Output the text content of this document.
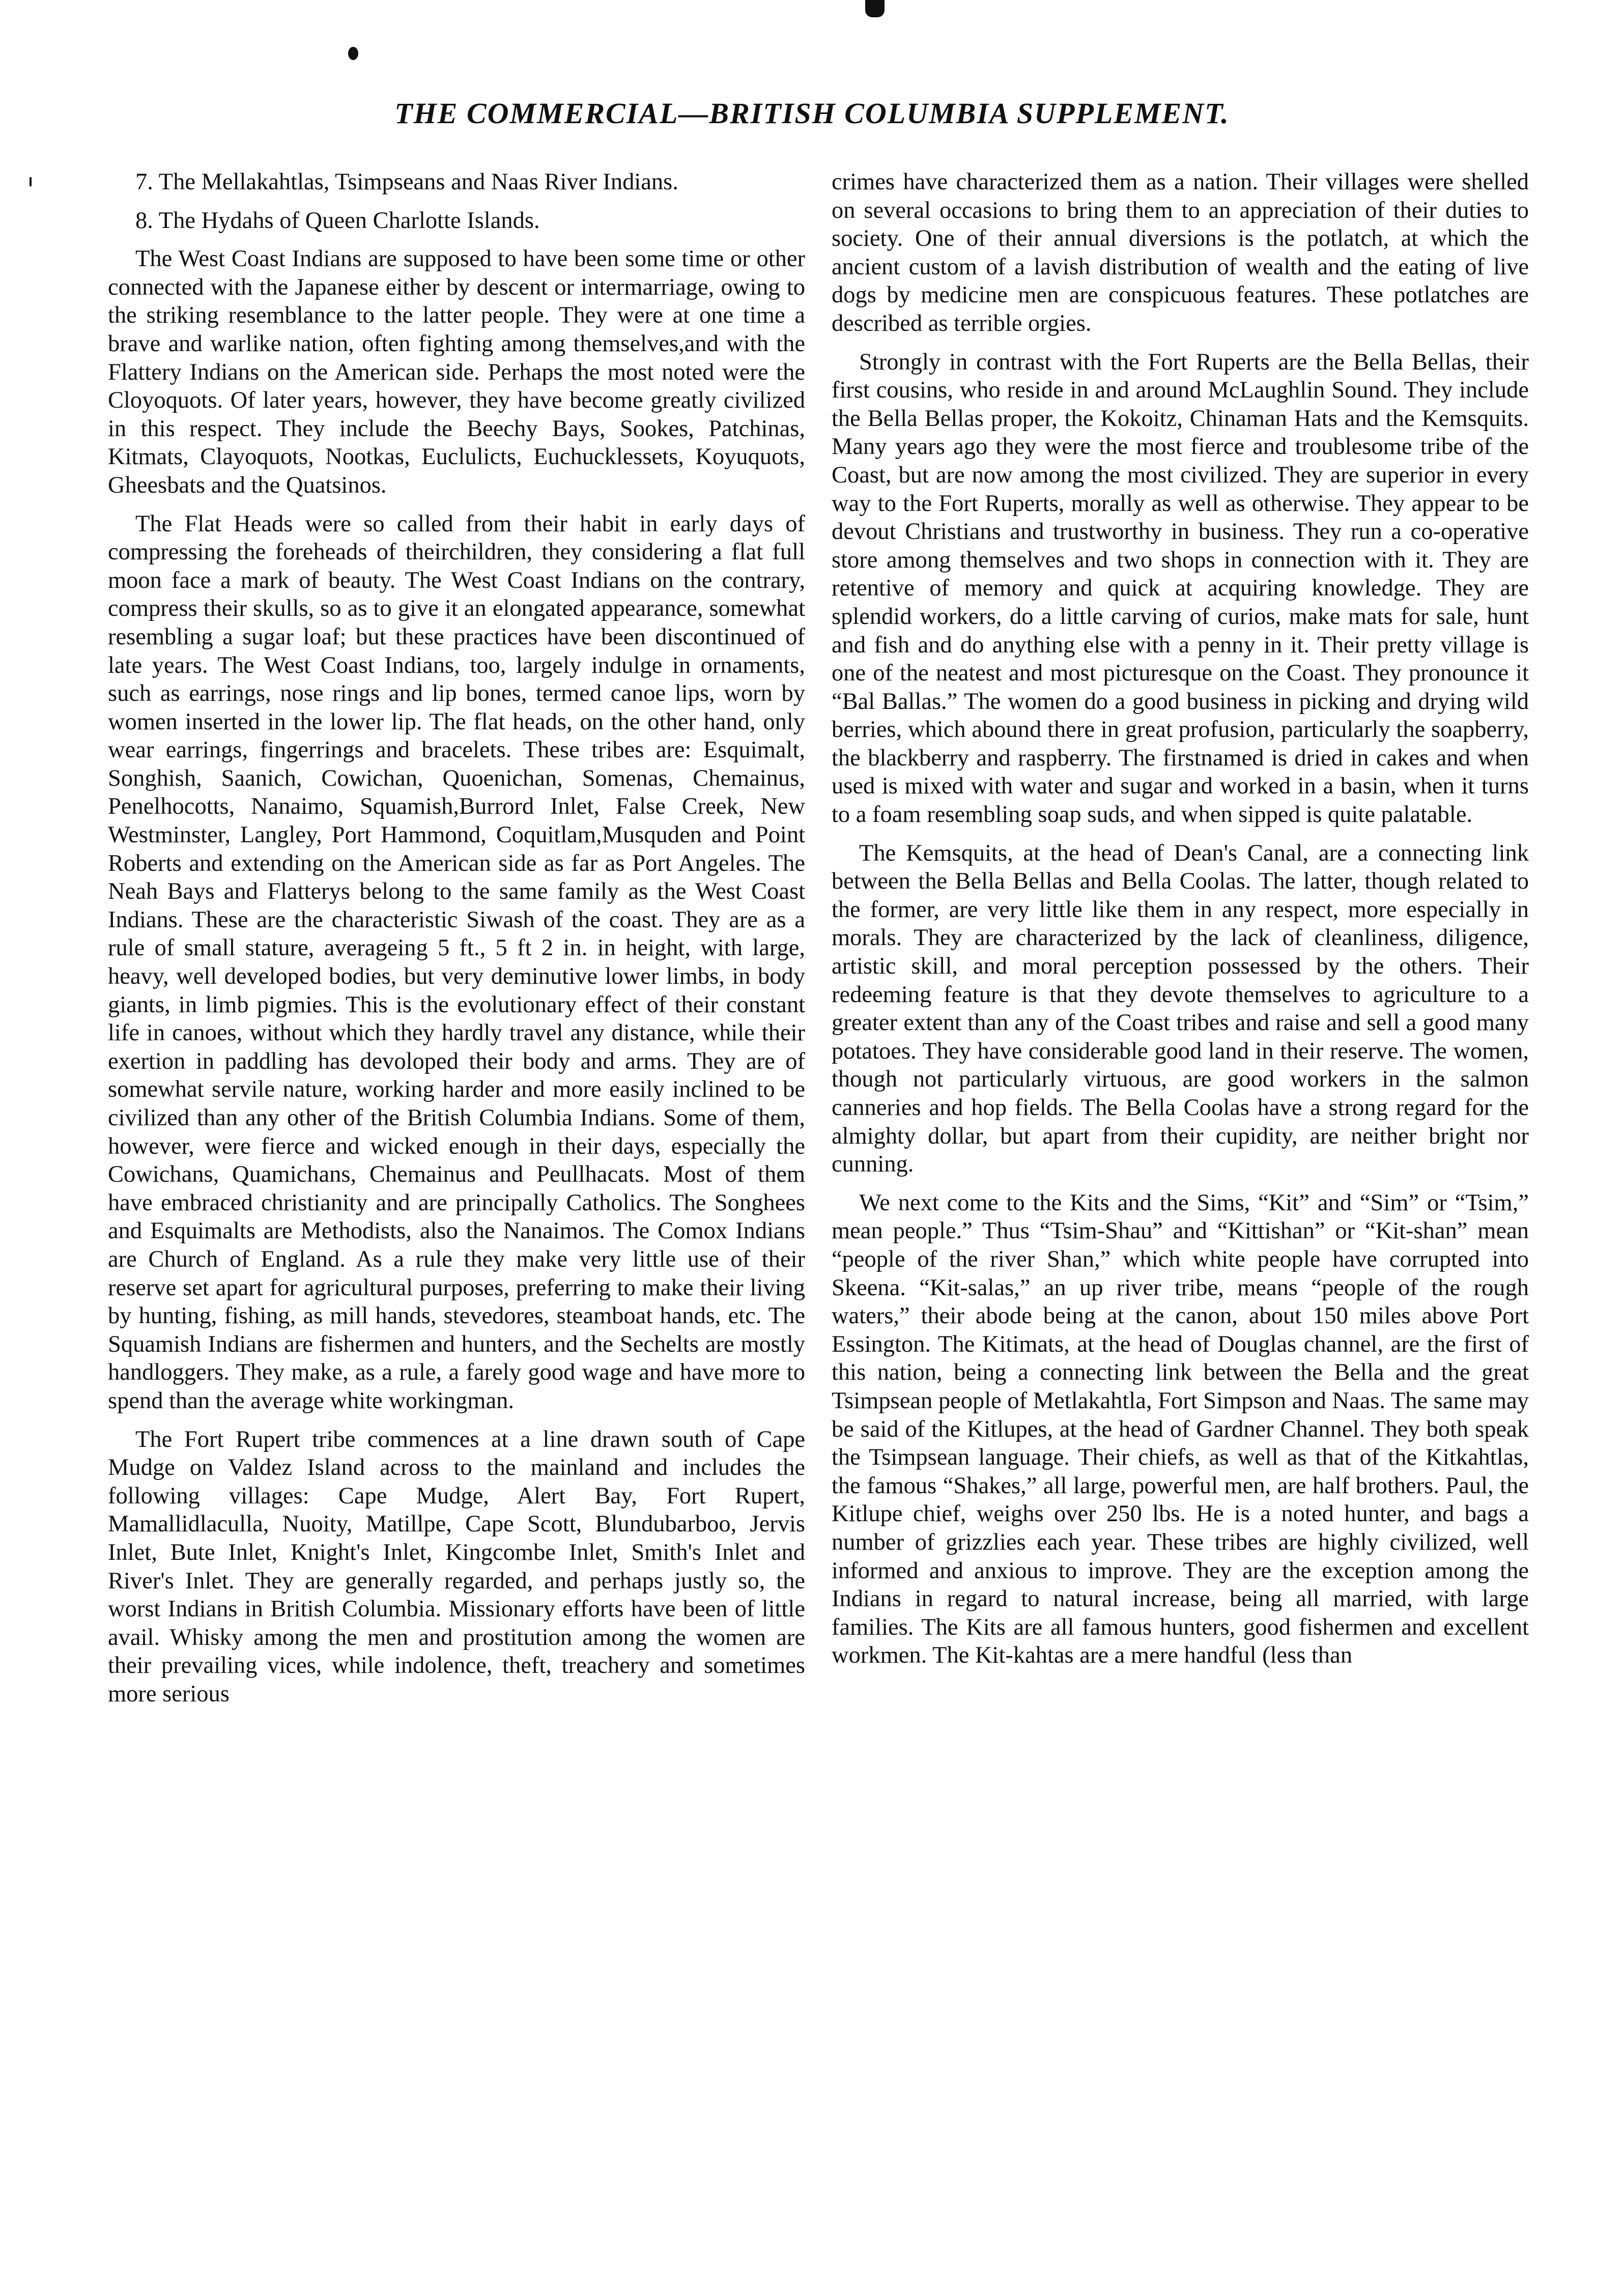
THE COMMERCIAL—BRITISH COLUMBIA SUPPLEMENT.

7. The Mellakahtlas, Tsimpseans and Naas River Indians.

8. The Hydahs of Queen Charlotte Islands.

The West Coast Indians are supposed to have been some time or other connected with the Japanese either by descent or intermarriage, owing to the striking resemblance to the latter people. They were at one time a brave and warlike nation, often fighting among themselves,and with the Flattery Indians on the American side. Perhaps the most noted were the Cloyoquots. Of later years, however, they have become greatly civilized in this respect. They include the Beechy Bays, Sookes, Patchinas, Kitmats, Clayoquots, Nootkas, Euclulicts, Euchucklessets, Koyuquots, Gheesbats and the Quatsinos.

The Flat Heads were so called from their habit in early days of compressing the foreheads of theirchildren, they considering a flat full moon face a mark of beauty. The West Coast Indians on the contrary, compress their skulls, so as to give it an elongated appearance, somewhat resembling a sugar loaf; but these practices have been discontinued of late years. The West Coast Indians, too, largely indulge in ornaments, such as earrings, nose rings and lip bones, termed canoe lips, worn by women inserted in the lower lip. The flat heads, on the other hand, only wear earrings, fingerrings and bracelets. These tribes are: Esquimalt, Songhish, Saanich, Cowichan, Quoenichan, Somenas, Chemainus, Penelhocotts, Nanaimo, Squamish,Burrord Inlet, False Creek, New Westminster, Langley, Port Hammond, Coquitlam,Musquden and Point Roberts and extending on the American side as far as Port Angeles. The Neah Bays and Flatterys belong to the same family as the West Coast Indians. These are the characteristic Siwash of the coast. They are as a rule of small stature, averageing 5 ft., 5 ft 2 in. in height, with large, heavy, well developed bodies, but very deminutive lower limbs, in body giants, in limb pigmies. This is the evolutionary effect of their constant life in canoes, without which they hardly travel any distance, while their exertion in paddling has devoloped their body and arms. They are of somewhat servile nature, working harder and more easily inclined to be civilized than any other of the British Columbia Indians. Some of them, however, were fierce and wicked enough in their days, especially the Cowichans, Quamichans, Chemainus and Peullhacats. Most of them have embraced christianity and are principally Catholics. The Songhees and Esquimalts are Methodists, also the Nanaimos. The Comox Indians are Church of England. As a rule they make very little use of their reserve set apart for agricultural purposes, preferring to make their living by hunting, fishing, as mill hands, stevedores, steamboat hands, etc. The Squamish Indians are fishermen and hunters, and the Sechelts are mostly handloggers. They make, as a rule, a farely good wage and have more to spend than the average white workingman.

The Fort Rupert tribe commences at a line drawn south of Cape Mudge on Valdez Island across to the mainland and includes the following villages: Cape Mudge, Alert Bay, Fort Rupert, Mamallidlaculla, Nuoity, Matillpe, Cape Scott, Blundubarboo, Jervis Inlet, Bute Inlet, Knight's Inlet, Kingcombe Inlet, Smith's Inlet and River's Inlet. They are generally regarded, and perhaps justly so, the worst Indians in British Columbia. Missionary efforts have been of little avail. Whisky among the men and prostitution among the women are their prevailing vices, while indolence, theft, treachery and sometimes more serious

crimes have characterized them as a nation. Their villages were shelled on several occasions to bring them to an appreciation of their duties to society. One of their annual diversions is the potlatch, at which the ancient custom of a lavish distribution of wealth and the eating of live dogs by medicine men are conspicuous features. These potlatches are described as terrible orgies.

Strongly in contrast with the Fort Ruperts are the Bella Bellas, their first cousins, who reside in and around McLaughlin Sound. They include the Bella Bellas proper, the Kokoitz, Chinaman Hats and the Kemsquits. Many years ago they were the most fierce and troublesome tribe of the Coast, but are now among the most civilized. They are superior in every way to the Fort Ruperts, morally as well as otherwise. They appear to be devout Christians and trustworthy in business. They run a co-operative store among themselves and two shops in connection with it. They are retentive of memory and quick at acquiring knowledge. They are splendid workers, do a little carving of curios, make mats for sale, hunt and fish and do anything else with a penny in it. Their pretty village is one of the neatest and most picturesque on the Coast. They pronounce it “Bal Ballas.” The women do a good business in picking and drying wild berries, which abound there in great profusion, particularly the soapberry, the blackberry and raspberry. The firstnamed is dried in cakes and when used is mixed with water and sugar and worked in a basin, when it turns to a foam resembling soap suds, and when sipped is quite palatable.

The Kemsquits, at the head of Dean's Canal, are a connecting link between the Bella Bellas and Bella Coolas. The latter, though related to the former, are very little like them in any respect, more especially in morals. They are characterized by the lack of cleanliness, diligence, artistic skill, and moral perception possessed by the others. Their redeeming feature is that they devote themselves to agriculture to a greater extent than any of the Coast tribes and raise and sell a good many potatoes. They have considerable good land in their reserve. The women, though not particularly virtuous, are good workers in the salmon canneries and hop fields. The Bella Coolas have a strong regard for the almighty dollar, but apart from their cupidity, are neither bright nor cunning.

We next come to the Kits and the Sims, “Kit” and “Sim” or “Tsim,” mean people.” Thus “Tsim-Shau” and “Kittishan” or “Kit-shan” mean “people of the river Shan,” which white people have corrupted into Skeena. “Kit-salas,” an up river tribe, means “people of the rough waters,” their abode being at the canon, about 150 miles above Port Essington. The Kitimats, at the head of Douglas channel, are the first of this nation, being a connecting link between the Bella and the great Tsimpsean people of Metlakahtla, Fort Simpson and Naas. The same may be said of the Kitlupes, at the head of Gardner Channel. They both speak the Tsimpsean language. Their chiefs, as well as that of the Kitkahtlas, the famous “Shakes,” all large, powerful men, are half brothers. Paul, the Kitlupe chief, weighs over 250 lbs. He is a noted hunter, and bags a number of grizzlies each year. These tribes are highly civilized, well informed and anxious to improve. They are the exception among the Indians in regard to natural increase, being all married, with large families. The Kits are all famous hunters, good fishermen and excellent workmen. The Kit-kahtas are a mere handful (less than
